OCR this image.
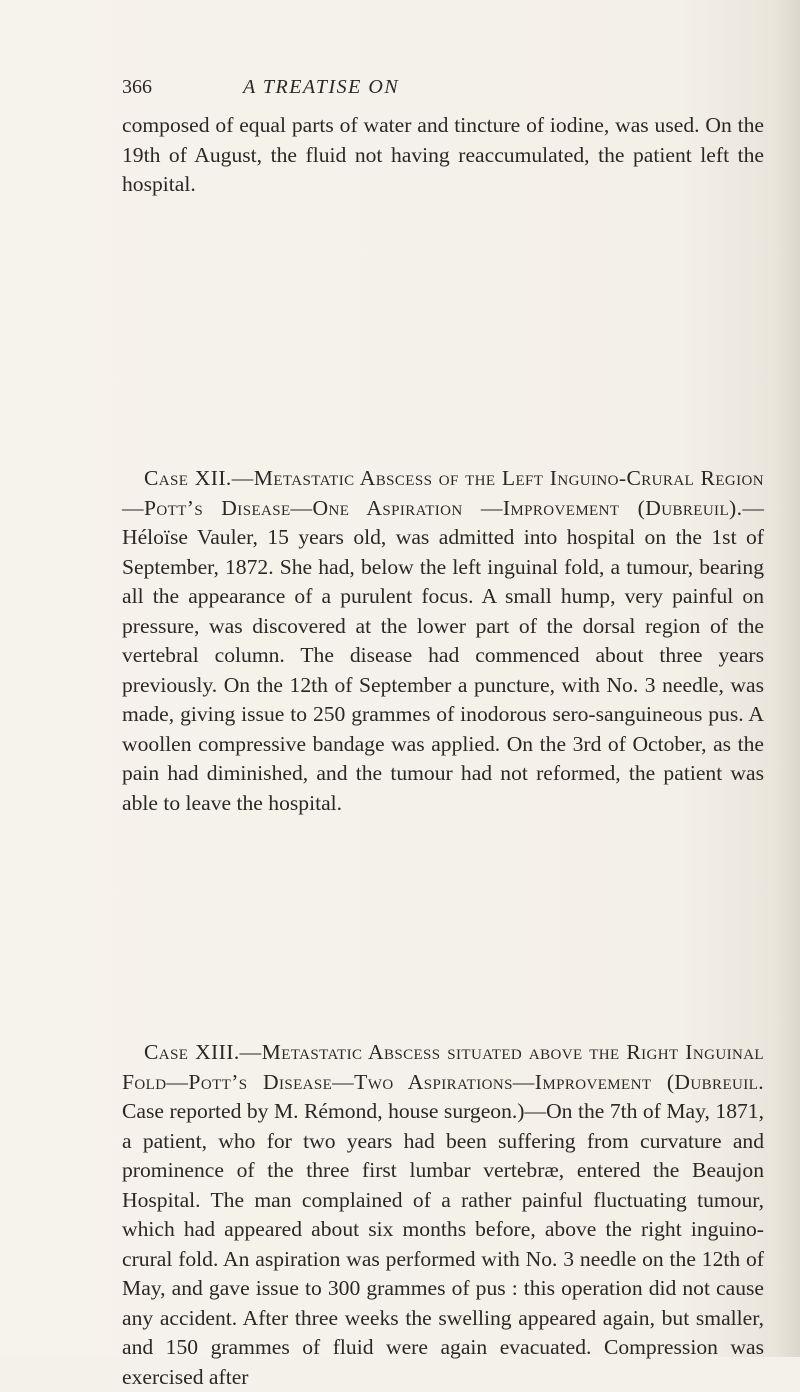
366	A TREATISE ON

composed of equal parts of water and tincture of iodine, was used. On the 19th of August, the fluid not having reaccumulated, the patient left the hospital.

Case XII.—Metastatic Abscess of the Left Inguino-Crural Region—Pott’s Disease—One Aspiration —Improvement (Dubreuil).—Héloïse Vauler, 15 years old, was admitted into hospital on the 1st of September, 1872. She had, below the left inguinal fold, a tumour, bearing all the appearance of a purulent focus. A small hump, very painful on pressure, was discovered at the lower part of the dorsal region of the vertebral column. The disease had commenced about three years previously. On the 12th of September a puncture, with No. 3 needle, was made, giving issue to 250 grammes of inodorous sero-sanguineous pus. A woollen compressive bandage was applied. On the 3rd of October, as the pain had diminished, and the tumour had not reformed, the patient was able to leave the hospital.

Case XIII.—Metastatic Abscess situated above the Right Inguinal Fold—Pott’s Disease—Two Aspirations—Improvement (Dubreuil. Case reported by M. Rémond, house surgeon.)—On the 7th of May, 1871, a patient, who for two years had been suffering from curvature and prominence of the three first lumbar vertebræ, entered the Beaujon Hospital. The man complained of a rather painful fluctuating tumour, which had appeared about six months before, above the right inguino-crural fold. An aspiration was performed with No. 3 needle on the 12th of May, and gave issue to 300 grammes of pus : this operation did not cause any accident. After three weeks the swelling appeared again, but smaller, and 150 grammes of fluid were again evacuated. Compression was exercised after
